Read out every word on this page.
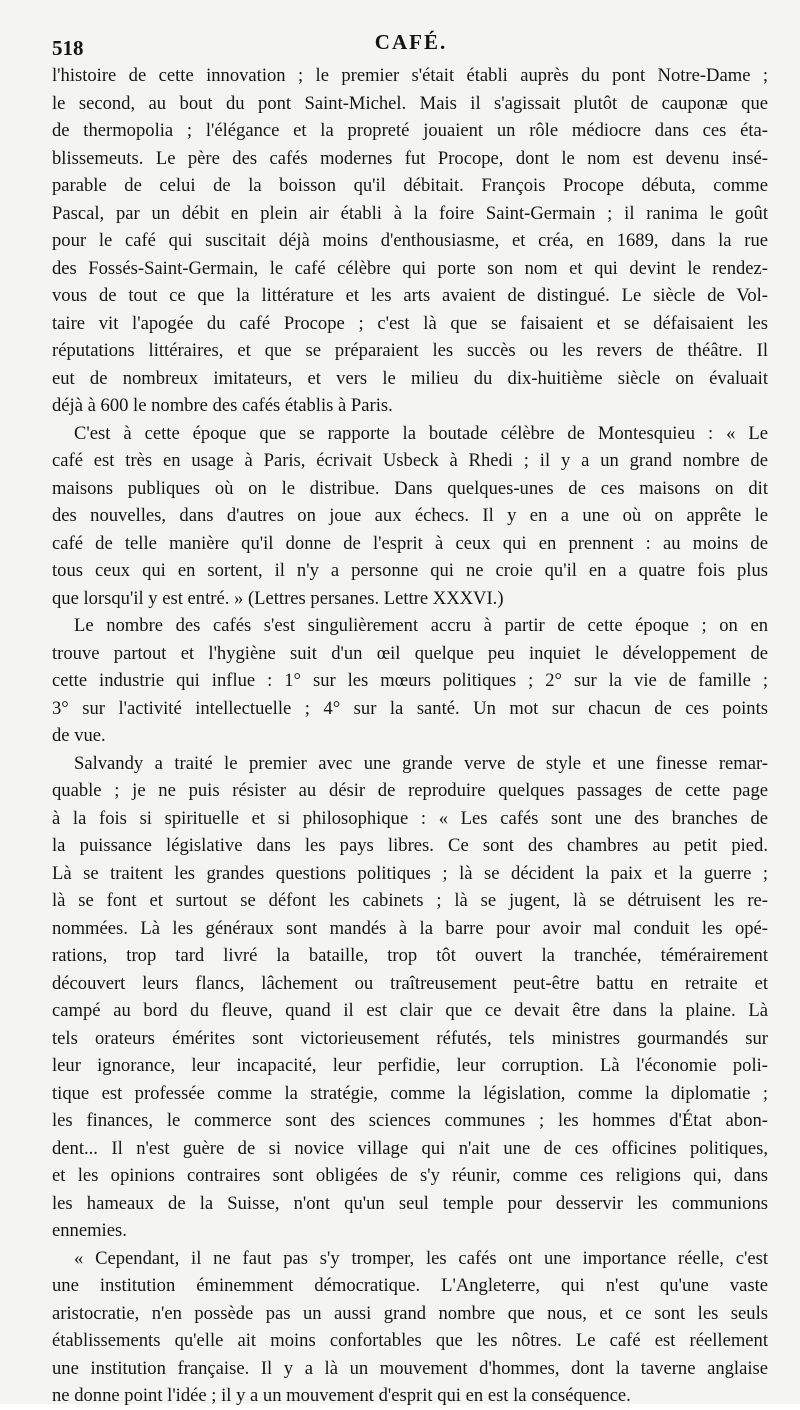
518	CAFÉ.
l'histoire de cette innovation ; le premier s'était établi auprès du pont Notre-Dame ;
le second, au bout du pont Saint-Michel. Mais il s'agissait plutôt de cauponæ que
de thermopolia ; l'élégance et la propreté jouaient un rôle médiocre dans ces éta-
blissemeuts. Le père des cafés modernes fut Procope, dont le nom est devenu insé-
parable de celui de la boisson qu'il débitait. François Procope débuta, comme
Pascal, par un débit en plein air établi à la foire Saint-Germain ; il ranima le goût
pour le café qui suscitait déjà moins d'enthousiasme, et créa, en 1689, dans la rue
des Fossés-Saint-Germain, le café célèbre qui porte son nom et qui devint le rendez-
vous de tout ce que la littérature et les arts avaient de distingué. Le siècle de Vol-
taire vit l'apogée du café Procope ; c'est là que se faisaient et se défaisaient les
réputations littéraires, et que se préparaient les succès ou les revers de théâtre. Il
eut de nombreux imitateurs, et vers le milieu du dix-huitième siècle on évaluait
déjà à 600 le nombre des cafés établis à Paris.
C'est à cette époque que se rapporte la boutade célèbre de Montesquieu : « Le
café est très en usage à Paris, écrivait Usbeck à Rhedi ; il y a un grand nombre de
maisons publiques où on le distribue. Dans quelques-unes de ces maisons on dit
des nouvelles, dans d'autres on joue aux échecs. Il y en a une où on apprête le
café de telle manière qu'il donne de l'esprit à ceux qui en prennent : au moins de
tous ceux qui en sortent, il n'y a personne qui ne croie qu'il en a quatre fois plus
que lorsqu'il y est entré. » (Lettres persanes. Lettre XXXVI.)
Le nombre des cafés s'est singulièrement accru à partir de cette époque ; on en
trouve partout et l'hygiène suit d'un œil quelque peu inquiet le développement de
cette industrie qui influe : 1° sur les mœurs politiques ; 2° sur la vie de famille ;
3° sur l'activité intellectuelle ; 4° sur la santé. Un mot sur chacun de ces points
de vue.
Salvandy a traité le premier avec une grande verve de style et une finesse remar-
quable ; je ne puis résister au désir de reproduire quelques passages de cette page
à la fois si spirituelle et si philosophique : « Les cafés sont une des branches de
la puissance législative dans les pays libres. Ce sont des chambres au petit pied.
Là se traitent les grandes questions politiques ; là se décident la paix et la guerre ;
là se font et surtout se défont les cabinets ; là se jugent, là se détruisent les re-
nommées. Là les généraux sont mandés à la barre pour avoir mal conduit les opé-
rations, trop tard livré la bataille, trop tôt ouvert la tranchée, témérairement
découvert leurs flancs, lâchement ou traîtreusement peut-être battu en retraite et
campé au bord du fleuve, quand il est clair que ce devait être dans la plaine. Là
tels orateurs émérites sont victorieusement réfutés, tels ministres gourmandés sur
leur ignorance, leur incapacité, leur perfidie, leur corruption. Là l'économie poli-
tique est professée comme la stratégie, comme la législation, comme la diplomatie ;
les finances, le commerce sont des sciences communes ; les hommes d'État abon-
dent... Il n'est guère de si novice village qui n'ait une de ces officines politiques,
et les opinions contraires sont obligées de s'y réunir, comme ces religions qui, dans
les hameaux de la Suisse, n'ont qu'un seul temple pour desservir les communions
ennemies.
« Cependant, il ne faut pas s'y tromper, les cafés ont une importance réelle, c'est
une institution éminemment démocratique. L'Angleterre, qui n'est qu'une vaste
aristocratie, n'en possède pas un aussi grand nombre que nous, et ce sont les seuls
établissements qu'elle ait moins confortables que les nôtres. Le café est réellement
une institution française. Il y a là un mouvement d'hommes, dont la taverne anglaise
ne donne point l'idée ; il y a un mouvement d'esprit qui en est la conséquence.
